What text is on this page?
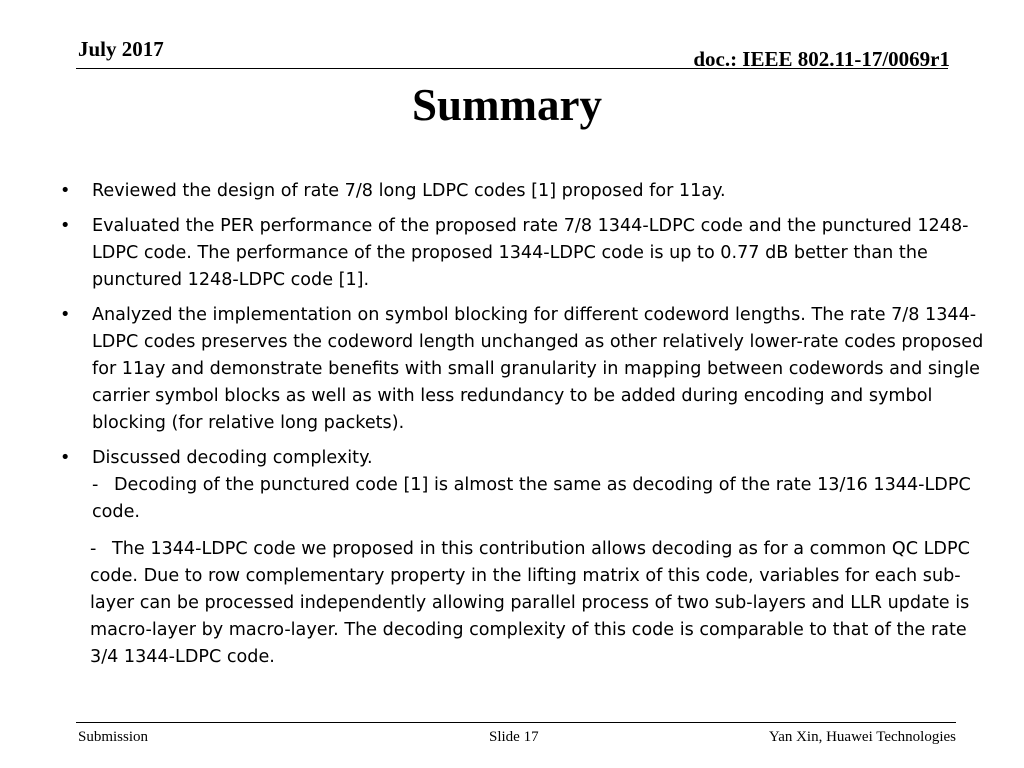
July 2017	doc.: IEEE 802.11-17/0069r1
Summary
• Reviewed the design of rate 7/8 long LDPC codes [1] proposed for 11ay.
• Evaluated the PER performance of the proposed rate 7/8 1344-LDPC code and the punctured 1248-LDPC code. The performance of the proposed 1344-LDPC code is up to 0.77 dB better than the punctured 1248-LDPC code [1].
• Analyzed the implementation on symbol blocking for different codeword lengths. The rate 7/8 1344-LDPC codes preserves the codeword length unchanged as other relatively lower-rate codes proposed for 11ay and demonstrate benefits with small granularity in mapping between codewords and single carrier symbol blocks as well as with less redundancy to be added during encoding and symbol blocking (for relative long packets).
• Discussed decoding complexity.
- Decoding of the punctured code [1] is almost the same as decoding of the rate 13/16 1344-LDPC code.
- The 1344-LDPC code we proposed in this contribution allows decoding as for a common QC LDPC code. Due to row complementary property in the lifting matrix of this code, variables for each sub-layer can be processed independently allowing parallel process of two sub-layers and LLR update is macro-layer by macro-layer. The decoding complexity of this code is comparable to that of the rate 3/4 1344-LDPC code.
Submission	Slide 17	Yan Xin, Huawei Technologies
